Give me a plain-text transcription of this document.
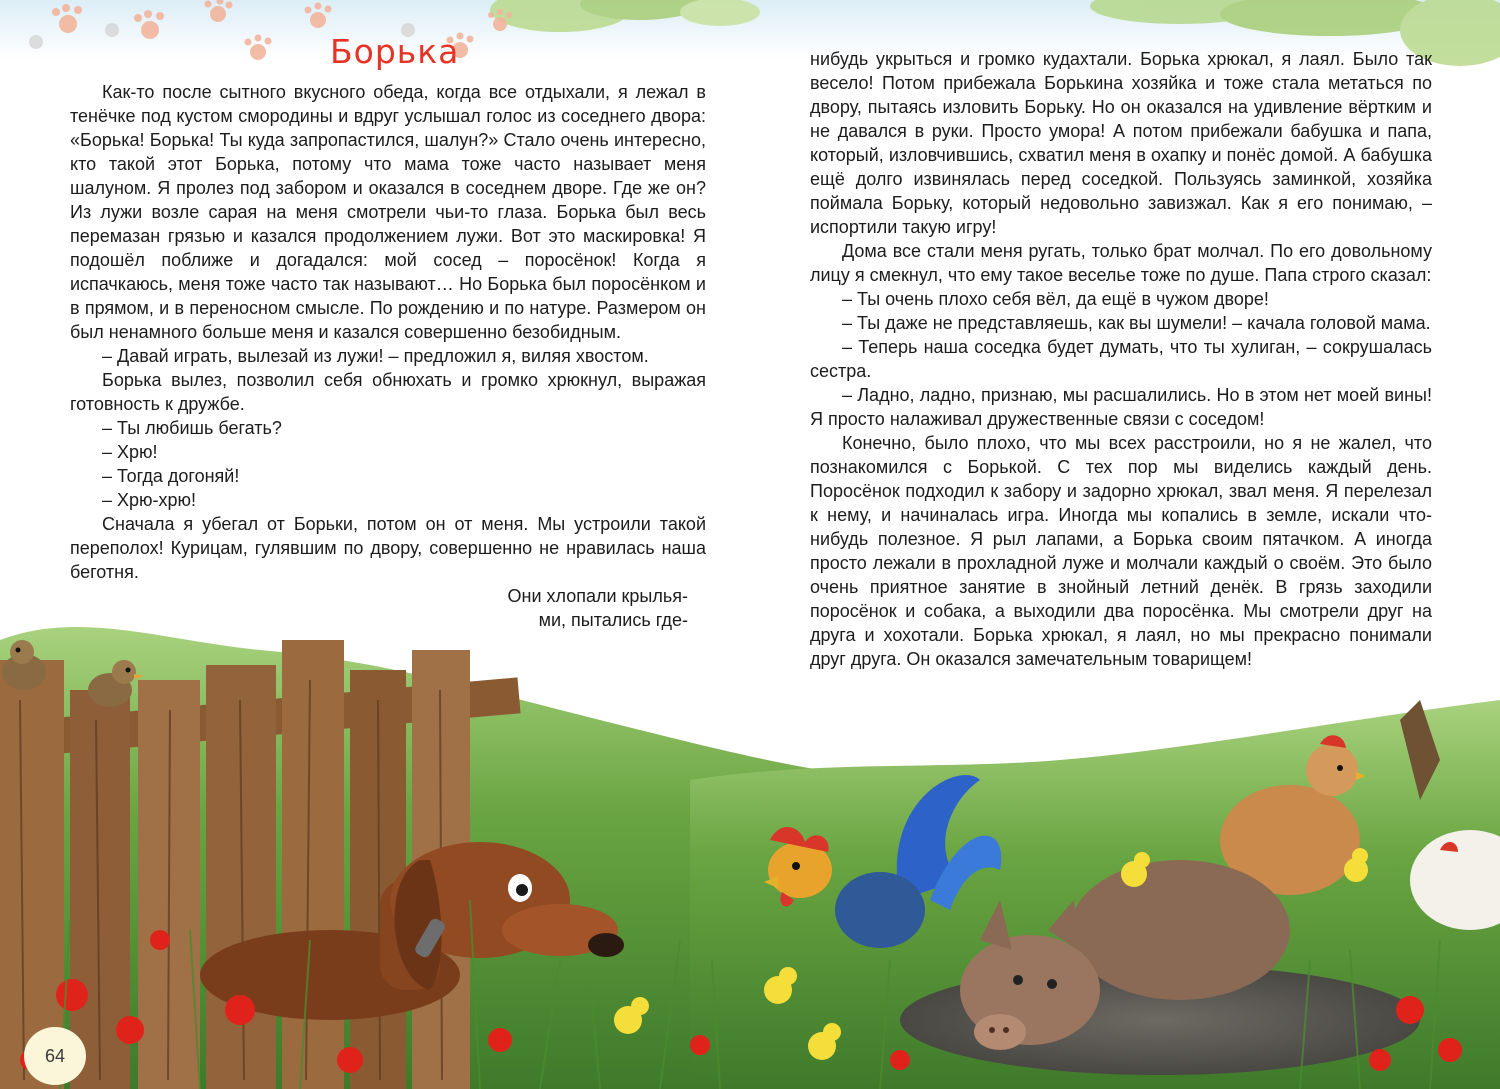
Борька

Как-то после сытного вкусного обеда, когда все отдыхали, я лежал в тенёчке под кустом смородины и вдруг услышал голос из соседнего двора: «Борька! Борька! Ты куда запропастился, шалун?» Стало очень интересно, кто такой этот Борька, потому что мама тоже часто называет меня шалуном. Я пролез под забором и оказался в соседнем дворе. Где же он? Из лужи возле сарая на меня смотрели чьи-то глаза. Борька был весь перемазан грязью и казался продолжением лужи. Вот это маскировка! Я подошёл поближе и догадался: мой сосед – поросёнок! Когда я испачкаюсь, меня тоже часто так называют… Но Борька был поросёнком и в прямом, и в переносном смысле. По рождению и по натуре. Размером он был ненамного больше меня и казался совершенно безобидным.

– Давай играть, вылезай из лужи! – предложил я, виляя хвостом.

Борька вылез, позволил себя обнюхать и громко хрюкнул, выражая готовность к дружбе.

– Ты любишь бегать?

– Хрю!

– Тогда догоняй!

– Хрю-хрю!

Сначала я убегал от Борьки, потом он от меня. Мы устроили такой переполох! Курицам, гулявшим по двору, совершенно не нравилась наша беготня.

Они хлопали крылья-

ми, пытались где-

нибудь укрыться и громко кудахтали. Борька хрюкал, я лаял. Было так весело! Потом прибежала Борькина хозяйка и тоже стала метаться по двору, пытаясь изловить Борьку. Но он оказался на удивление вёртким и не давался в руки. Просто умора! А потом прибежали бабушка и папа, который, изловчившись, схватил меня в охапку и понёс домой. А бабушка ещё долго извинялась перед соседкой. Пользуясь заминкой, хозяйка поймала Борьку, который недовольно завизжал. Как я его понимаю, – испортили такую игру!

Дома все стали меня ругать, только брат молчал. По его довольному лицу я смекнул, что ему такое веселье тоже по душе. Папа строго сказал:

– Ты очень плохо себя вёл, да ещё в чужом дворе!

– Ты даже не представляешь, как вы шумели! – качала головой мама.

– Теперь наша соседка будет думать, что ты хулиган, – сокрушалась сестра.

– Ладно, ладно, признаю, мы расшалились. Но в этом нет моей вины! Я просто налаживал дружественные связи с соседом!

Конечно, было плохо, что мы всех расстроили, но я не жалел, что познакомился с Борькой. С тех пор мы виделись каждый день. Поросёнок подходил к забору и задорно хрюкал, звал меня. Я перелезал к нему, и начиналась игра. Иногда мы копались в земле, искали что-нибудь полезное. Я рыл лапами, а Борька своим пятачком. А иногда просто лежали в прохладной луже и молчали каждый о своём. Это было очень приятное занятие в знойный летний денёк. В грязь заходили поросёнок и собака, а выходили два поросёнка. Мы смотрели друг на друга и хохотали. Борька хрюкал, я лаял, но мы прекрасно понимали друг друга. Он оказался замечательным товарищем!

64
